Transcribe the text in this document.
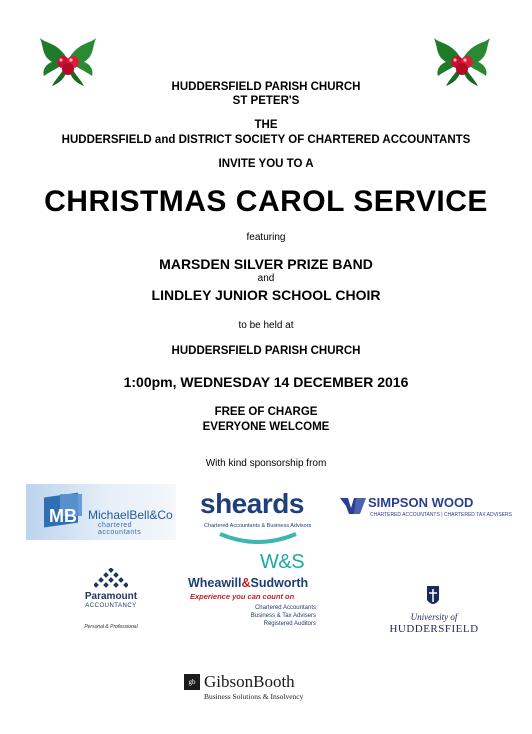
HUDDERSFIELD PARISH CHURCH
ST PETER'S
THE
HUDDERSFIELD and DISTRICT SOCIETY OF CHARTERED ACCOUNTANTS
INVITE YOU TO A
CHRISTMAS CAROL SERVICE
featuring
MARSDEN SILVER PRIZE BAND
and
LINDLEY JUNIOR SCHOOL CHOIR
to be held at
HUDDERSFIELD PARISH CHURCH
1:00pm, WEDNESDAY 14 DECEMBER 2016
FREE OF CHARGE
EVERYONE WELCOME
With kind sponsorship from
MB MichaelBell&Co
chartered accountants
sheards
Chartered Accountants & Business Advisors
SIMPSON WOOD
CHARTERED ACCOUNTANTS | CHARTERED TAX ADVISERS
Paramount
ACCOUNTANCY
Personal & Professional
W&S
Wheawill&Sudworth
Experience you can count on
Chartered Accountants
Business & Tax Advisers
Registered Auditors
University of
HUDDERSFIELD
gb GibsonBooth
Business Solutions & Insolvency
